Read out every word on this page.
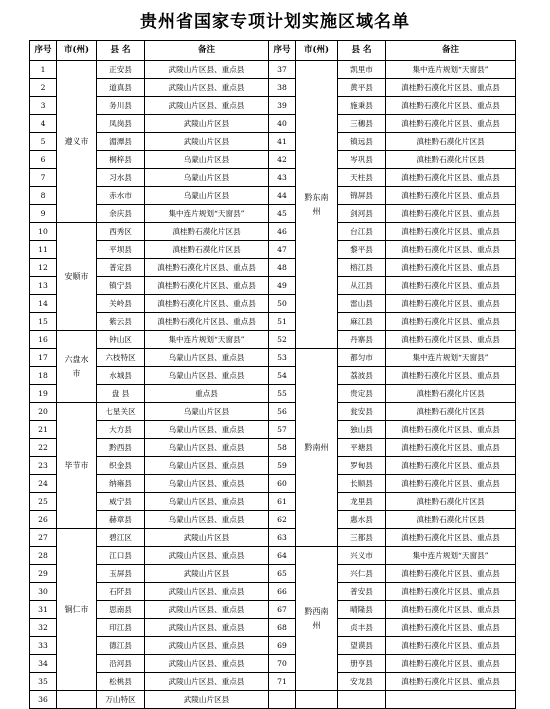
贵州省国家专项计划实施区域名单
序号	市(州)	县 名	备注	序号	市(州)	县 名	备注
1	遵义市	正安县	武陵山片区县、重点县	37	黔东南州	凯里市	集中连片规划“天窗县”
2		道真县	武陵山片区县、重点县	38		黄平县	滇桂黔石漠化片区县、重点县
3		务川县	武陵山片区县、重点县	39		施秉县	滇桂黔石漠化片区县、重点县
4		凤岗县	武陵山片区县	40		三穗县	滇桂黔石漠化片区县、重点县
5		湄潭县	武陵山片区县	41		镇远县	滇桂黔石漠化片区县
6		桐梓县	乌蒙山片区县	42		岑巩县	滇桂黔石漠化片区县
7		习水县	乌蒙山片区县	43		天柱县	滇桂黔石漠化片区县、重点县
8		赤水市	乌蒙山片区县	44		锦屏县	滇桂黔石漠化片区县、重点县
9		余庆县	集中连片规划“天窗县”	45		剑河县	滇桂黔石漠化片区县、重点县
10	安顺市	西秀区	滇桂黔石漠化片区县	46		台江县	滇桂黔石漠化片区县、重点县
11		平坝县	滇桂黔石漠化片区县	47		黎平县	滇桂黔石漠化片区县、重点县
12		普定县	滇桂黔石漠化片区县、重点县	48		榕江县	滇桂黔石漠化片区县、重点县
13		镇宁县	滇桂黔石漠化片区县、重点县	49		从江县	滇桂黔石漠化片区县、重点县
14		关岭县	滇桂黔石漠化片区县、重点县	50		雷山县	滇桂黔石漠化片区县、重点县
15		紫云县	滇桂黔石漠化片区县、重点县	51		麻江县	滇桂黔石漠化片区县、重点县
16	六盘水市	钟山区	集中连片规划“天窗县”	52		丹寨县	滇桂黔石漠化片区县、重点县
17		六枝特区	乌蒙山片区县、重点县	53	黔南州	都匀市	集中连片规划“天窗县”
18		水城县	乌蒙山片区县、重点县	54		荔波县	滇桂黔石漠化片区县、重点县
19		盘 县	重点县	55		贵定县	滇桂黔石漠化片区县
20	毕节市	七星关区	乌蒙山片区县	56		瓮安县	滇桂黔石漠化片区县
21		大方县	乌蒙山片区县、重点县	57		独山县	滇桂黔石漠化片区县、重点县
22		黔西县	乌蒙山片区县、重点县	58		平塘县	滇桂黔石漠化片区县、重点县
23		织金县	乌蒙山片区县、重点县	59		罗甸县	滇桂黔石漠化片区县、重点县
24		纳雍县	乌蒙山片区县、重点县	60		长顺县	滇桂黔石漠化片区县、重点县
25		威宁县	乌蒙山片区县、重点县	61		龙里县	滇桂黔石漠化片区县
26		赫章县	乌蒙山片区县、重点县	62		惠水县	滇桂黔石漠化片区县
27	铜仁市	碧江区	武陵山片区县	63		三都县	滇桂黔石漠化片区县、重点县
28		江口县	武陵山片区县、重点县	64	黔西南州	兴义市	集中连片规划“天窗县”
29		玉屏县	武陵山片区县	65		兴仁县	滇桂黔石漠化片区县、重点县
30		石阡县	武陵山片区县、重点县	66		普安县	滇桂黔石漠化片区县、重点县
31		思南县	武陵山片区县、重点县	67		晴隆县	滇桂黔石漠化片区县、重点县
32		印江县	武陵山片区县、重点县	68		贞丰县	滇桂黔石漠化片区县、重点县
33		德江县	武陵山片区县、重点县	69		望谟县	滇桂黔石漠化片区县、重点县
34		沿河县	武陵山片区县、重点县	70		册亨县	滇桂黔石漠化片区县、重点县
35		松桃县	武陵山片区县、重点县	71		安龙县	滇桂黔石漠化片区县、重点县
36		万山特区	武陵山片区县				
